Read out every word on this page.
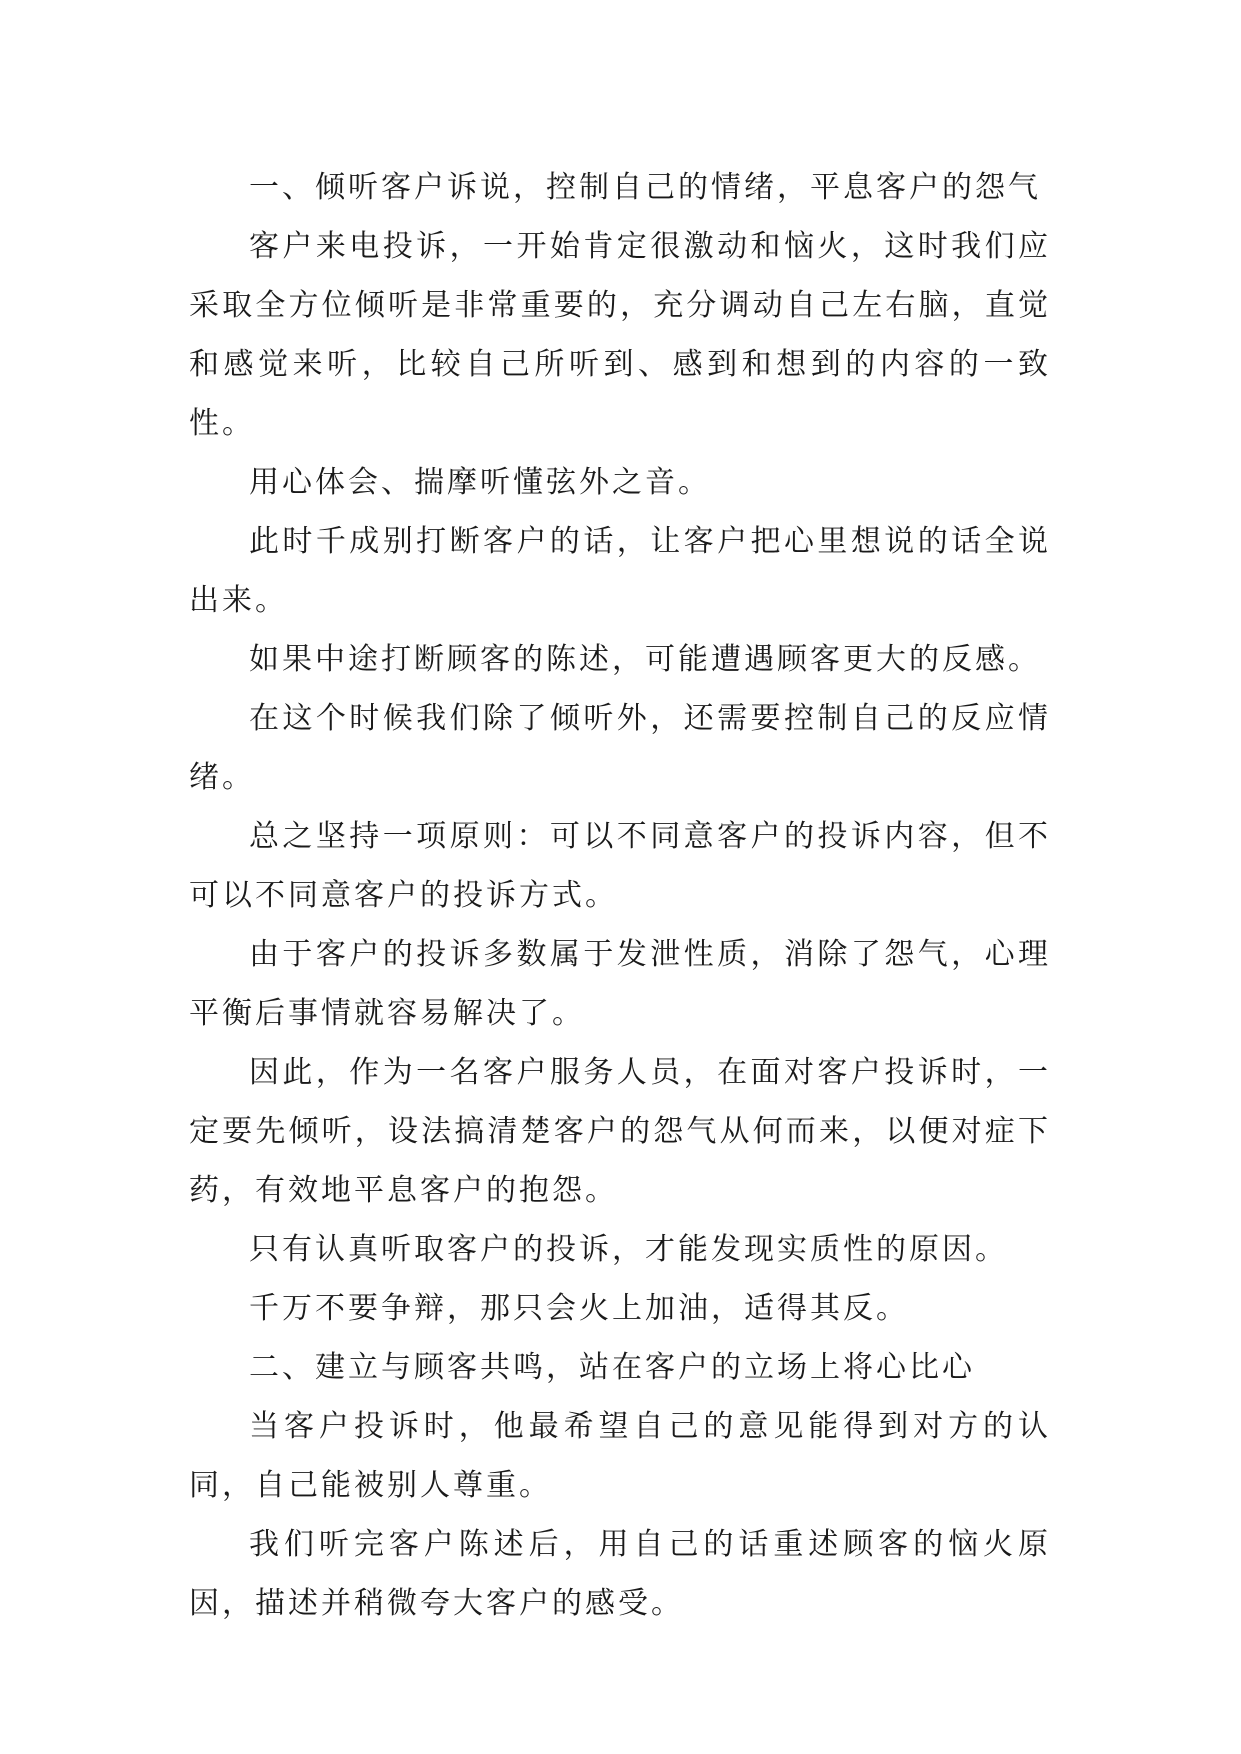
一、倾听客户诉说，控制自己的情绪，平息客户的怨气

客户来电投诉，一开始肯定很激动和恼火，这时我们应采取全方位倾听是非常重要的，充分调动自己左右脑，直觉和感觉来听，比较自己所听到、感到和想到的内容的一致性。

用心体会、揣摩听懂弦外之音。

此时千成别打断客户的话，让客户把心里想说的话全说出来。

如果中途打断顾客的陈述，可能遭遇顾客更大的反感。

在这个时候我们除了倾听外，还需要控制自己的反应情绪。

总之坚持一项原则：可以不同意客户的投诉内容，但不可以不同意客户的投诉方式。

由于客户的投诉多数属于发泄性质，消除了怨气，心理平衡后事情就容易解决了。

因此，作为一名客户服务人员，在面对客户投诉时，一定要先倾听，设法搞清楚客户的怨气从何而来，以便对症下药，有效地平息客户的抱怨。

只有认真听取客户的投诉，才能发现实质性的原因。

千万不要争辩，那只会火上加油，适得其反。

二、建立与顾客共鸣，站在客户的立场上将心比心

当客户投诉时，他最希望自己的意见能得到对方的认同，自己能被别人尊重。

我们听完客户陈述后，用自己的话重述顾客的恼火原因，描述并稍微夸大客户的感受。
